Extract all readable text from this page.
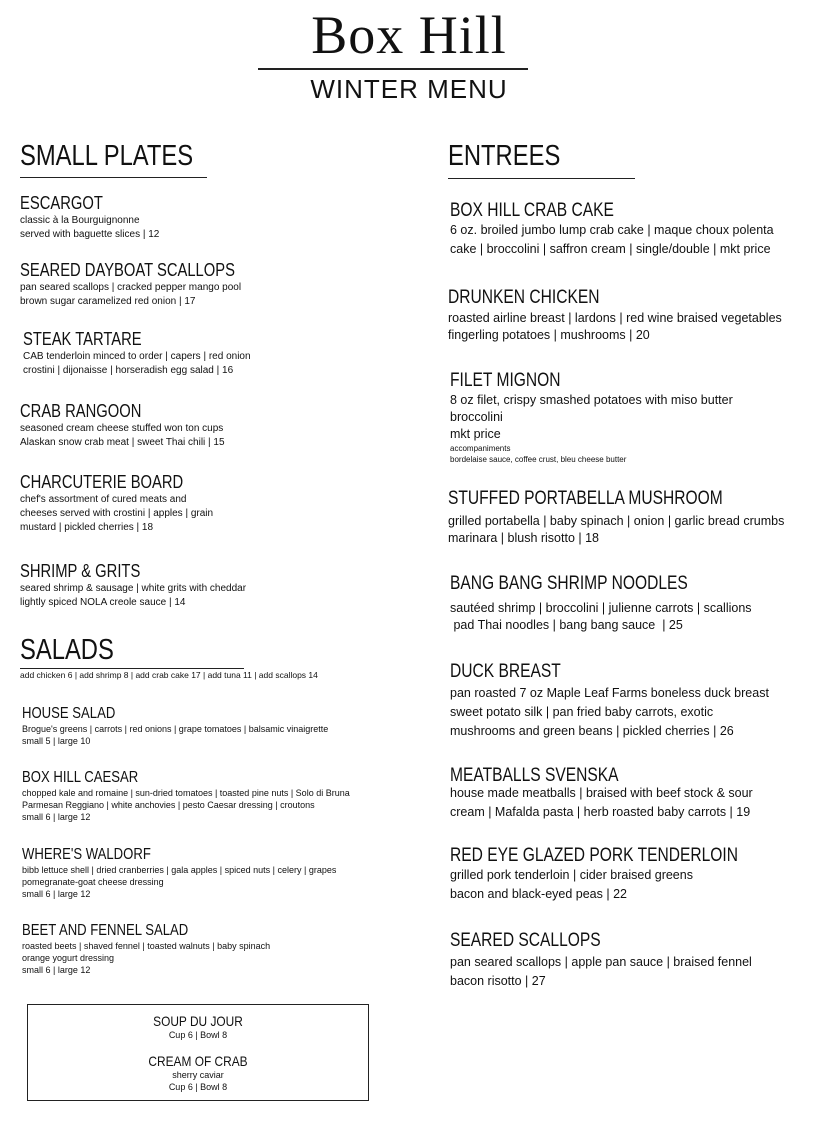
Box Hill
WINTER MENU
SMALL PLATES
ESCARGOT
classic à la Bourguignonne
served with baguette slices | 12
SEARED DAYBOAT SCALLOPS
pan seared scallops | cracked pepper mango pool
brown sugar caramelized red onion | 17
STEAK TARTARE
CAB tenderloin minced to order | capers | red onion
crostini | dijonaisse | horseradish egg salad | 16
CRAB RANGOON
seasoned cream cheese stuffed won ton cups
Alaskan snow crab meat | sweet Thai chili | 15
CHARCUTERIE BOARD
chef's assortment of cured meats and
cheeses served with crostini | apples | grain
mustard | pickled cherries | 18
SHRIMP & GRITS
seared shrimp & sausage | white grits with cheddar
lightly spiced NOLA creole sauce | 14
SALADS
add chicken 6 | add shrimp 8 | add crab cake 17 | add tuna 11 | add scallops 14
HOUSE SALAD
Brogue's greens | carrots | red onions | grape tomatoes | balsamic vinaigrette
small 5 | large 10
BOX HILL CAESAR
chopped kale and romaine | sun-dried tomatoes | toasted pine nuts | Solo di Bruna
Parmesan Reggiano | white anchovies | pesto Caesar dressing | croutons
small 6 | large 12
WHERE'S WALDORF
bibb lettuce shell | dried cranberries | gala apples | spiced nuts | celery | grapes
pomegranate-goat cheese dressing
small 6 | large 12
BEET AND FENNEL SALAD
roasted beets | shaved fennel | toasted walnuts | baby spinach
orange yogurt dressing
small 6 | large 12
SOUP DU JOUR
Cup 6 | Bowl 8
CREAM OF CRAB
sherry caviar
Cup 6 | Bowl 8
ENTREES
BOX HILL CRAB CAKE
6 oz. broiled jumbo lump crab cake | maque choux polenta
cake | broccolini | saffron cream | single/double | mkt price
DRUNKEN CHICKEN
roasted airline breast | lardons | red wine braised vegetables
fingerling potatoes | mushrooms | 20
FILET MIGNON
8 oz filet, crispy smashed potatoes with miso butter
broccolini
mkt price
accompaniments
bordelaise sauce, coffee crust, bleu cheese butter
STUFFED PORTABELLA MUSHROOM
grilled portabella | baby spinach | onion | garlic bread crumbs
marinara | blush risotto | 18
BANG BANG SHRIMP NOODLES
sautéed shrimp | broccolini | julienne carrots | scallions
pad Thai noodles | bang bang sauce  | 25
DUCK BREAST
pan roasted 7 oz Maple Leaf Farms boneless duck breast
sweet potato silk | pan fried baby carrots, exotic
mushrooms and green beans | pickled cherries | 26
MEATBALLS SVENSKA
house made meatballs | braised with beef stock & sour
cream | Mafalda pasta | herb roasted baby carrots | 19
RED EYE GLAZED PORK TENDERLOIN
grilled pork tenderloin | cider braised greens
bacon and black-eyed peas | 22
SEARED SCALLOPS
pan seared scallops | apple pan sauce | braised fennel
bacon risotto | 27
